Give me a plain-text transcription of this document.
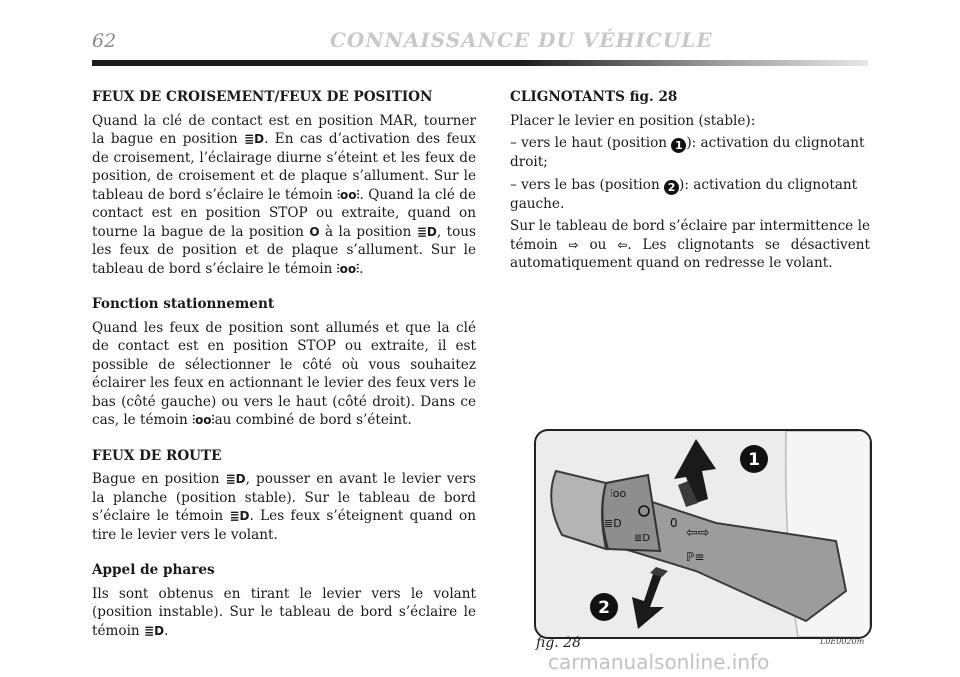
62	CONNAISSANCE DU VÉHICULE

FEUX DE CROISEMENT/FEUX DE POSITION

Quand la clé de contact est en position MAR, tourner la bague en position ≣D. En cas d’activation des feux de croisement, l’éclairage diurne s’éteint et les feux de position, de croisement et de plaque s’allument. Sur le tableau de bord s’éclaire le témoin ⫶oo⫶. Quand la clé de contact est en position STOP ou extraite, quand on tourne la bague de la position O à la position ≣D, tous les feux de position et de plaque s’allument. Sur le tableau de bord s’éclaire le témoin ⫶oo⫶.

Fonction stationnement

Quand les feux de position sont allumés et que la clé de contact est en position STOP ou extraite, il est possible de sélectionner le côté où vous souhaitez éclairer les feux en actionnant le levier des feux vers le bas (côté gauche) ou vers le haut (côté droit). Dans ce cas, le témoin ⫶oo⫶au combiné de bord s’éteint.

FEUX DE ROUTE

Bague en position ≣D, pousser en avant le levier vers la planche (position stable). Sur le tableau de bord s’éclaire le témoin ≣D. Les feux s’éteignent quand on tire le levier vers le volant.

Appel de phares

Ils sont obtenus en tirant le levier vers le volant (position instable). Sur le tableau de bord s’éclaire le témoin ≣D.

CLIGNOTANTS fig. 28

Placer le levier en position (stable):

– vers le haut (position 1 ): activation du clignotant droit;

– vers le bas (position 2 ): activation du clignotant gauche.

Sur le tableau de bord s’éclaire par intermittence le témoin ⇨ ou ⇦. Les clignotants se désactivent automatiquement quand on redresse le volant.

⫶oo
≣D
≣D
0
⇦⇨
ℙ≡
1
2
fig. 28	L0E0020m
carmanualsonline.info
